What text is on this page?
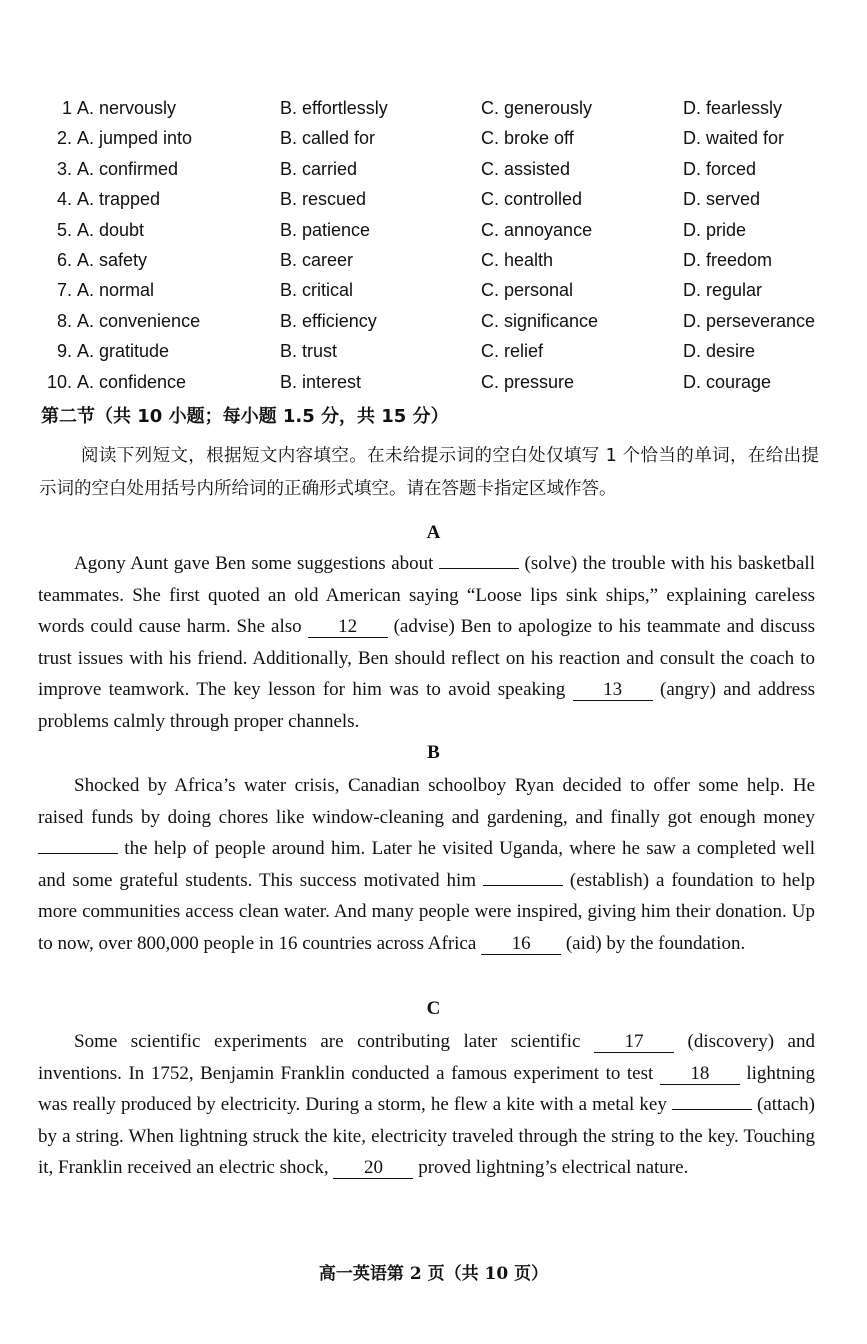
1 A. nervously	B. effortlessly	C. generously	D. fearlessly
2. A. jumped into	B. called for	C. broke off	D. waited for
3. A. confirmed	B. carried	C. assisted	D. forced
4. A. trapped	B. rescued	C. controlled	D. served
5. A. doubt	B. patience	C. annoyance	D. pride
6. A. safety	B. career	C. health	D. freedom
7. A. normal	B. critical	C. personal	D. regular
8. A. convenience	B. efficiency	C. significance	D. perseverance
9. A. gratitude	B. trust	C. relief	D. desire
10. A. confidence	B. interest	C. pressure	D. courage
第二节（共 10 小题；每小题 1.5 分，共 15 分）
阅读下列短文，根据短文内容填空。在未给提示词的空白处仅填写 1 个恰当的单词，在给出提示词的空白处用括号内所给词的正确形式填空。请在答题卡指定区域作答。
A

Agony Aunt gave Ben some suggestions about	(solve) the trouble with his basketball teammates. She first quoted an old American saying “Loose lips sink ships,” explaining careless words could cause harm. She also 12 (advise) Ben to apologize to his teammate and discuss trust issues with his friend. Additionally, Ben should reflect on his reaction and consult the coach to improve teamwork. The key lesson for him was to avoid speaking 13 (angry) and address problems calmly through proper channels.

B

Shocked by Africa’s water crisis, Canadian schoolboy Ryan decided to offer some help. He raised funds by doing chores like window-cleaning and gardening, and finally got enough money  the help of people around him. Later he visited Uganda, where he saw a completed well and some grateful students. This success motivated him	(establish) a foundation to help more communities access clean water. And many people were inspired, giving him their donation. Up to now, over 800,000 people in 16 countries across Africa 16 (aid) by the foundation.

C

Some scientific experiments are contributing later scientific 17 (discovery) and inventions. In 1752, Benjamin Franklin conducted a famous experiment to test 18 lightning was really produced by electricity. During a storm, he flew a kite with a metal key	(attach) by a string. When lightning struck the kite, electricity traveled through the string to the key. Touching it, Franklin received an electric shock, 20 proved lightning’s electrical nature.

高一英语第 2 页（共 10 页）
